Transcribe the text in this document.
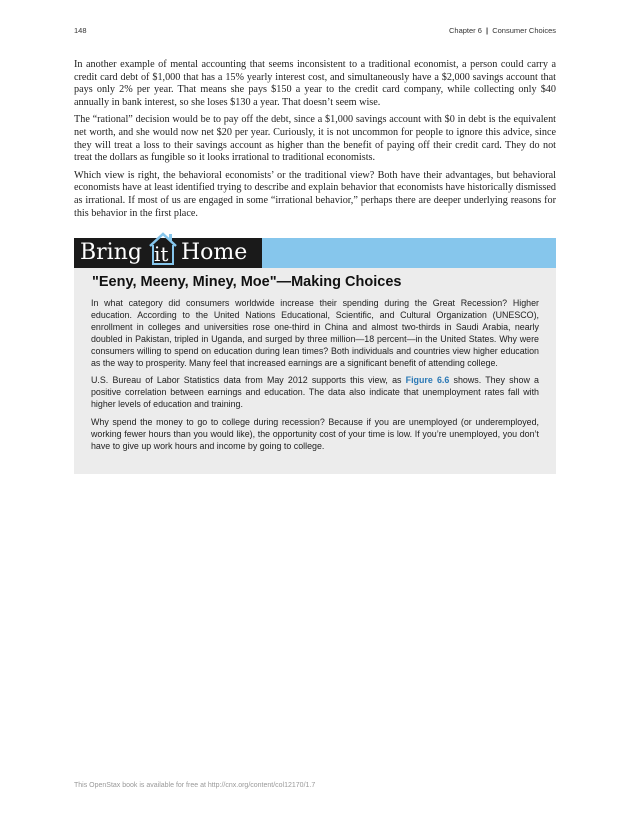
148	Chapter 6 | Consumer Choices

In another example of mental accounting that seems inconsistent to a traditional economist, a person could carry a credit card debt of $1,000 that has a 15% yearly interest cost, and simultaneously have a $2,000 savings account that pays only 2% per year. That means she pays $150 a year to the credit card company, while collecting only $40 annually in bank interest, so she loses $130 a year. That doesn’t seem wise.

The “rational” decision would be to pay off the debt, since a $1,000 savings account with $0 in debt is the equivalent net worth, and she would now net $20 per year. Curiously, it is not uncommon for people to ignore this advice, since they will treat a loss to their savings account as higher than the benefit of paying off their credit card. They do not treat the dollars as fungible so it looks irrational to traditional economists.

Which view is right, the behavioral economists’ or the traditional view? Both have their advantages, but behavioral economists have at least identified trying to describe and explain behavior that economists have historically dismissed as irrational. If most of us are engaged in some “irrational behavior,” perhaps there are deeper underlying reasons for this behavior in the first place.

Bring it Home
"Eeny, Meeny, Miney, Moe"—Making Choices

In what category did consumers worldwide increase their spending during the Great Recession? Higher education. According to the United Nations Educational, Scientific, and Cultural Organization (UNESCO), enrollment in colleges and universities rose one-third in China and almost two-thirds in Saudi Arabia, nearly doubled in Pakistan, tripled in Uganda, and surged by three million—18 percent—in the United States. Why were consumers willing to spend on education during lean times? Both individuals and countries view higher education as the way to prosperity. Many feel that increased earnings are a significant benefit of attending college.

U.S. Bureau of Labor Statistics data from May 2012 supports this view, as Figure 6.6 shows. They show a positive correlation between earnings and education. The data also indicate that unemployment rates fall with higher levels of education and training.

Why spend the money to go to college during recession? Because if you are unemployed (or underemployed, working fewer hours than you would like), the opportunity cost of your time is low. If you’re unemployed, you don’t have to give up work hours and income by going to college.

This OpenStax book is available for free at http://cnx.org/content/col12170/1.7
